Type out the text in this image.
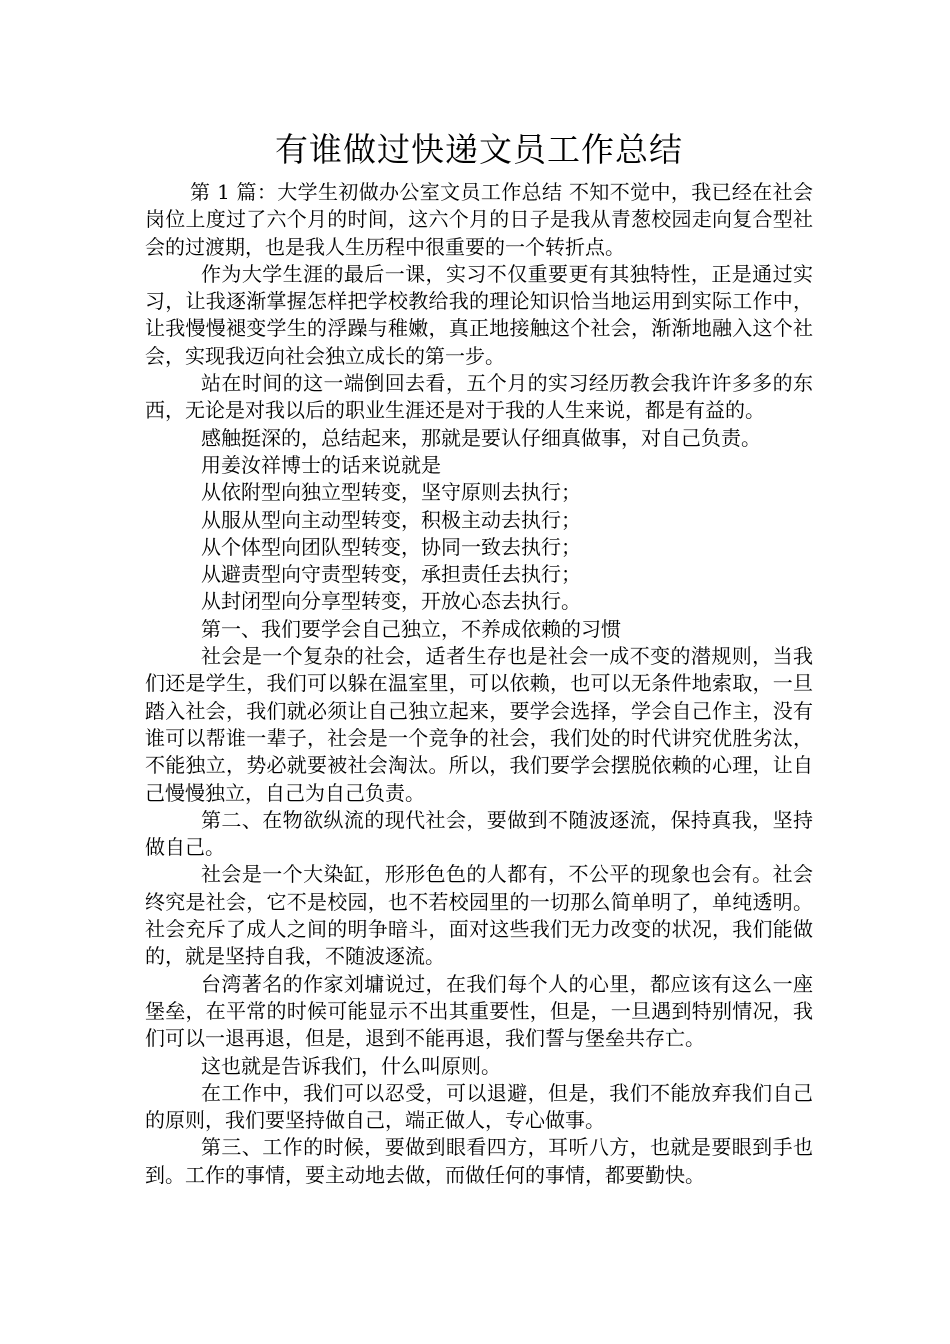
有谁做过快递文员工作总结

第 1 篇：大学生初做办公室文员工作总结 不知不觉中，我已经在社会岗位上度过了六个月的时间，这六个月的日子是我从青葱校园走向复合型社会的过渡期，也是我人生历程中很重要的一个转折点。

作为大学生涯的最后一课，实习不仅重要更有其独特性，正是通过实习，让我逐渐掌握怎样把学校教给我的理论知识恰当地运用到实际工作中，让我慢慢褪变学生的浮躁与稚嫩，真正地接触这个社会，渐渐地融入这个社会，实现我迈向社会独立成长的第一步。

站在时间的这一端倒回去看，五个月的实习经历教会我许许多多的东西，无论是对我以后的职业生涯还是对于我的人生来说，都是有益的。

感触挺深的，总结起来，那就是要认仔细真做事，对自己负责。

用姜汝祥博士的话来说就是

从依附型向独立型转变，坚守原则去执行；

从服从型向主动型转变，积极主动去执行；

从个体型向团队型转变，协同一致去执行；

从避责型向守责型转变，承担责任去执行；

从封闭型向分享型转变，开放心态去执行。

第一、我们要学会自己独立，不养成依赖的习惯

社会是一个复杂的社会，适者生存也是社会一成不变的潜规则，当我们还是学生，我们可以躲在温室里，可以依赖，也可以无条件地索取，一旦踏入社会，我们就必须让自己独立起来，要学会选择，学会自己作主，没有谁可以帮谁一辈子，社会是一个竞争的社会，我们处的时代讲究优胜劣汰，不能独立，势必就要被社会淘汰。所以，我们要学会摆脱依赖的心理，让自己慢慢独立，自己为自己负责。

第二、在物欲纵流的现代社会，要做到不随波逐流，保持真我，坚持做自己。

社会是一个大染缸，形形色色的人都有，不公平的现象也会有。社会终究是社会，它不是校园，也不若校园里的一切那么简单明了，单纯透明。社会充斥了成人之间的明争暗斗，面对这些我们无力改变的状况，我们能做的，就是坚持自我，不随波逐流。

台湾著名的作家刘墉说过，在我们每个人的心里，都应该有这么一座堡垒，在平常的时候可能显示不出其重要性，但是，一旦遇到特别情况，我们可以一退再退，但是，退到不能再退，我们誓与堡垒共存亡。

这也就是告诉我们，什么叫原则。

在工作中，我们可以忍受，可以退避，但是，我们不能放弃我们自己的原则，我们要坚持做自己，端正做人，专心做事。

第三、工作的时候，要做到眼看四方，耳听八方，也就是要眼到手也到。工作的事情，要主动地去做，而做任何的事情，都要勤快。
